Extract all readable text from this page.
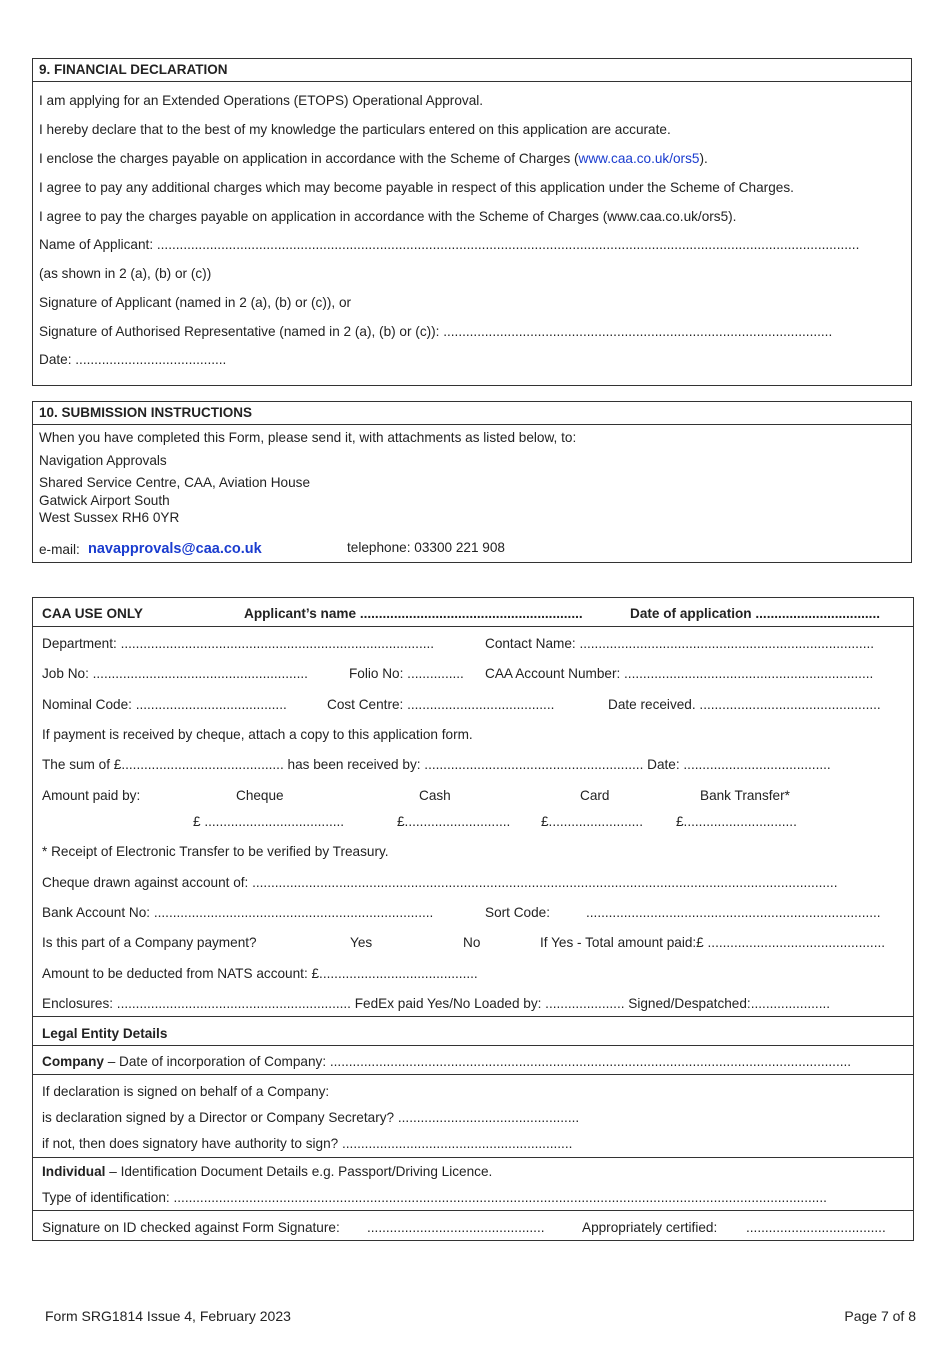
9. FINANCIAL DECLARATION
I am applying for an Extended Operations (ETOPS) Operational Approval.
I hereby declare that to the best of my knowledge the particulars entered on this application are accurate.
I enclose the charges payable on application in accordance with the Scheme of Charges (www.caa.co.uk/ors5).
I agree to pay any additional charges which may become payable in respect of this application under the Scheme of Charges.
I agree to pay the charges payable on application in accordance with the Scheme of Charges (www.caa.co.uk/ors5).
Name of Applicant: ..........................................................................................................................................................................................
(as shown in 2 (a), (b) or (c))
Signature of Applicant (named in 2 (a), (b) or (c)), or
Signature of Authorised Representative (named in 2 (a), (b) or (c)): .......................................................................................................
Date: ........................................
10. SUBMISSION INSTRUCTIONS
When you have completed this Form, please send it, with attachments as listed below, to:
Navigation Approvals
Shared Service Centre, CAA, Aviation House
Gatwick Airport South
West Sussex RH6 0YR
e-mail: navapprovals@caa.co.uk	telephone: 03300 221 908
CAA USE ONLY	Applicant’s name ...........................................................	Date of application .................................
Department: ...................................................................................	Contact Name: ..............................................................................
Job No: .........................................................	Folio No: ............... CAA Account Number: ..................................................................
Nominal Code: ........................................	Cost Centre: .......................................	Date received. ................................................
If payment is received by cheque, attach a copy to this application form.
The sum of £........................................... has been received by: .......................................................... Date: .......................................
Amount paid by:	Cheque	Cash	Card	Bank Transfer*
£ .....................................	£............................ £......................... £..............................
* Receipt of Electronic Transfer to be verified by Treasury.
Cheque drawn against account of: ...........................................................................................................................................................
Bank Account No: ..........................................................................	Sort Code:	..............................................................................
Is this part of a Company payment?	Yes	No	If Yes - Total amount paid:£ ...............................................
Amount to be deducted from NATS account: £..........................................
Enclosures: .............................................................. FedEx paid Yes/No Loaded by: ..................... Signed/Despatched:.....................
Legal Entity Details
Company – Date of incorporation of Company: ..........................................................................................................................................
If declaration is signed on behalf of a Company:
is declaration signed by a Director or Company Secretary? ................................................
if not, then does signatory have authority to sign? .............................................................
Individual – Identification Document Details e.g. Passport/Driving Licence.
Type of identification: .............................................................................................................................................................................
Signature on ID checked against Form Signature: ...............................................	Appropriately certified: .....................................
Form SRG1814 Issue 4, February 2023	Page 7 of 8
